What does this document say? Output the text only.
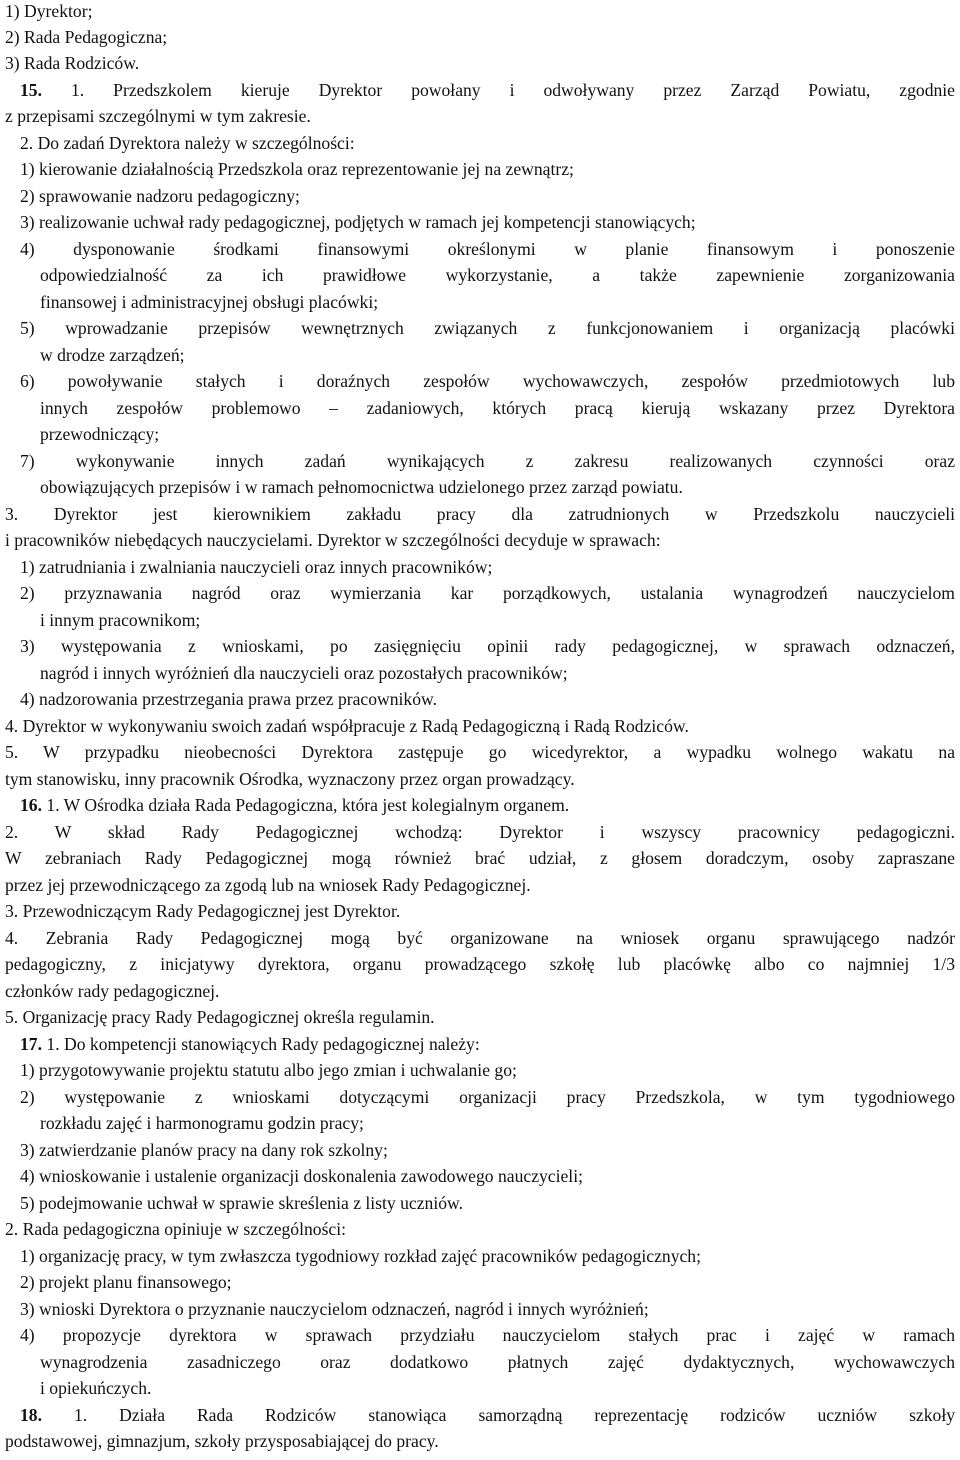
1) Dyrektor;
2) Rada Pedagogiczna;
3) Rada Rodziców.
15. 1. Przedszkolem kieruje Dyrektor powołany i odwoływany przez Zarząd Powiatu, zgodnie
z przepisami szczególnymi w tym zakresie.
2. Do zadań Dyrektora należy w szczególności:
1) kierowanie działalnością Przedszkola oraz reprezentowanie jej na zewnątrz;
2) sprawowanie nadzoru pedagogiczny;
3) realizowanie uchwał rady pedagogicznej, podjętych w ramach jej kompetencji stanowiących;
4) dysponowanie środkami finansowymi określonymi w planie finansowym i ponoszenie
odpowiedzialność za ich prawidłowe wykorzystanie, a także zapewnienie zorganizowania
finansowej i administracyjnej obsługi placówki;
5) wprowadzanie przepisów wewnętrznych związanych z funkcjonowaniem i organizacją placówki
w drodze zarządzeń;
6) powoływanie stałych i doraźnych zespołów wychowawczych, zespołów przedmiotowych lub
innych zespołów problemowo – zadaniowych, których pracą kierują wskazany przez Dyrektora
przewodniczący;
7) wykonywanie innych zadań wynikających z zakresu realizowanych czynności oraz
obowiązujących przepisów i w ramach pełnomocnictwa udzielonego przez zarząd powiatu.
3. Dyrektor jest kierownikiem zakładu pracy dla zatrudnionych w Przedszkolu nauczycieli
i pracowników niebędących nauczycielami. Dyrektor w szczególności decyduje w sprawach:
1) zatrudniania i zwalniania nauczycieli oraz innych pracowników;
2) przyznawania nagród oraz wymierzania kar porządkowych, ustalania wynagrodzeń nauczycielom
i innym pracownikom;
3) występowania z wnioskami, po zasięgnięciu opinii rady pedagogicznej, w sprawach odznaczeń,
nagród i innych wyróżnień dla nauczycieli oraz pozostałych pracowników;
4) nadzorowania przestrzegania prawa przez pracowników.
4. Dyrektor w wykonywaniu swoich zadań współpracuje z Radą Pedagogiczną i Radą Rodziców.
5. W przypadku nieobecności Dyrektora zastępuje go wicedyrektor, a wypadku wolnego wakatu na
tym stanowisku, inny pracownik Ośrodka, wyznaczony przez organ prowadzący.
16. 1. W Ośrodka działa Rada Pedagogiczna, która jest kolegialnym organem.
2. W skład Rady Pedagogicznej wchodzą: Dyrektor i wszyscy pracownicy pedagogiczni.
W zebraniach Rady Pedagogicznej mogą również brać udział, z głosem doradczym, osoby zapraszane
przez jej przewodniczącego za zgodą lub na wniosek Rady Pedagogicznej.
3. Przewodniczącym Rady Pedagogicznej jest Dyrektor.
4. Zebrania Rady Pedagogicznej mogą być organizowane na wniosek organu sprawującego nadzór
pedagogiczny, z inicjatywy dyrektora, organu prowadzącego szkołę lub placówkę albo co najmniej 1/3
członków rady pedagogicznej.
5. Organizację pracy Rady Pedagogicznej określa regulamin.
17. 1. Do kompetencji stanowiących Rady pedagogicznej należy:
1) przygotowywanie projektu statutu albo jego zmian i uchwalanie go;
2) występowanie z wnioskami dotyczącymi organizacji pracy Przedszkola, w tym tygodniowego
rozkładu zajęć i harmonogramu godzin pracy;
3) zatwierdzanie planów pracy na dany rok szkolny;
4) wnioskowanie i ustalenie organizacji doskonalenia zawodowego nauczycieli;
5) podejmowanie uchwał w sprawie skreślenia z listy uczniów.
2. Rada pedagogiczna opiniuje w szczególności:
1) organizację pracy, w tym zwłaszcza tygodniowy rozkład zajęć pracowników pedagogicznych;
2) projekt planu finansowego;
3) wnioski Dyrektora o przyznanie nauczycielom odznaczeń, nagród i innych wyróżnień;
4) propozycje dyrektora w sprawach przydziału nauczycielom stałych prac i zajęć w ramach
wynagrodzenia zasadniczego oraz dodatkowo płatnych zajęć dydaktycznych, wychowawczych
i opiekuńczych.
18. 1. Działa Rada Rodziców stanowiąca samorządną reprezentację rodziców uczniów szkoły
podstawowej, gimnazjum, szkoły przysposabiającej do pracy.
